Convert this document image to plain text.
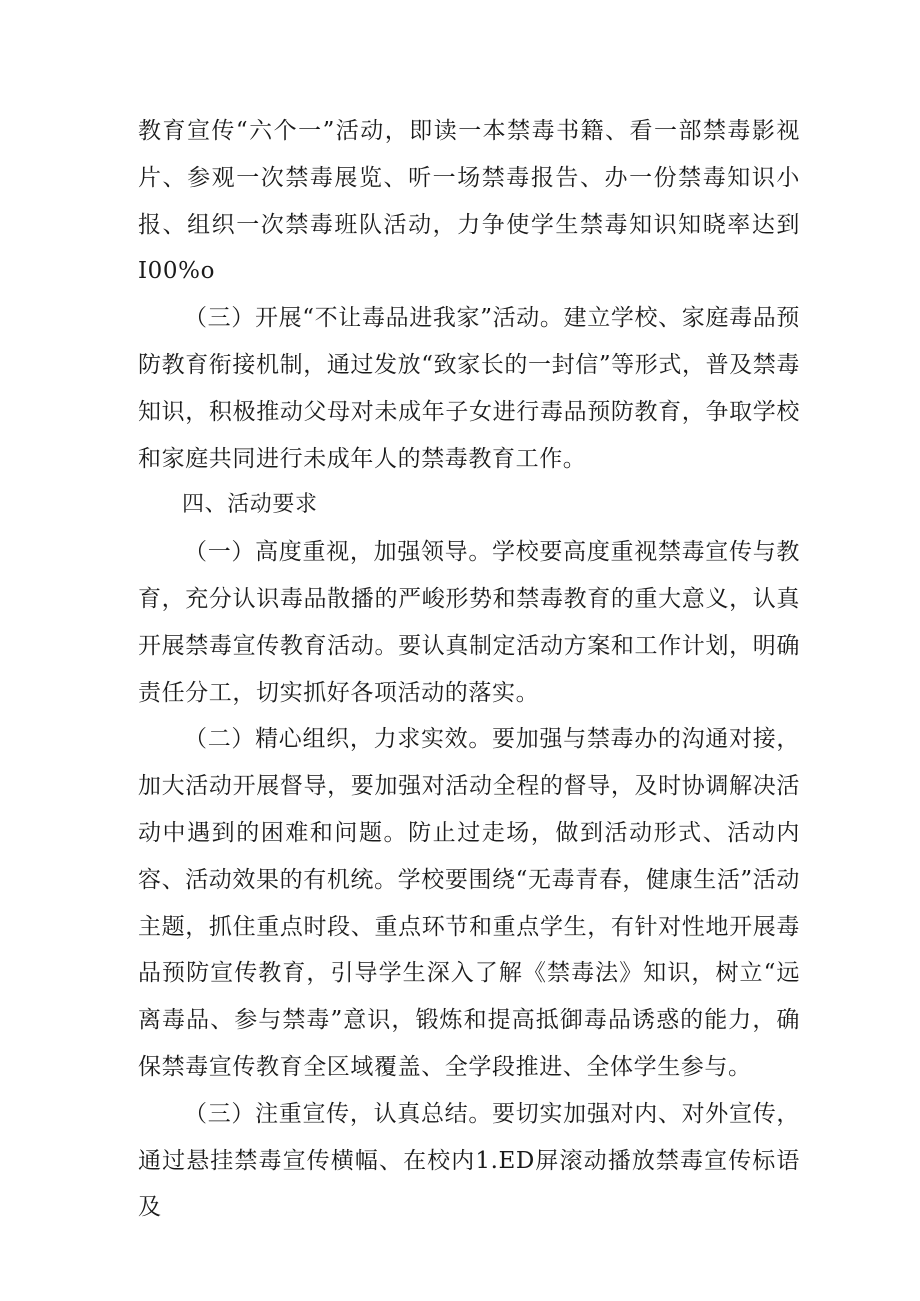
教育宣传“六个一”活动，即读一本禁毒书籍、看一部禁毒影视片、参观一次禁毒展览、听一场禁毒报告、办一份禁毒知识小报、组织一次禁毒班队活动，力争使学生禁毒知识知晓率达到I00%o

（三）开展“不让毒品进我家”活动。建立学校、家庭毒品预防教育衔接机制，通过发放“致家长的一封信”等形式，普及禁毒知识，积极推动父母对未成年子女进行毒品预防教育，争取学校和家庭共同进行未成年人的禁毒教育工作。

四、活动要求

（一）高度重视，加强领导。学校要高度重视禁毒宣传与教育，充分认识毒品散播的严峻形势和禁毒教育的重大意义，认真开展禁毒宣传教育活动。要认真制定活动方案和工作计划，明确责任分工，切实抓好各项活动的落实。

（二）精心组织，力求实效。要加强与禁毒办的沟通对接，加大活动开展督导，要加强对活动全程的督导，及时协调解决活动中遇到的困难和问题。防止过走场，做到活动形式、活动内容、活动效果的有机统。学校要围绕“无毒青春，健康生活”活动主题，抓住重点时段、重点环节和重点学生，有针对性地开展毒品预防宣传教育，引导学生深入了解《禁毒法》知识，树立“远离毒品、参与禁毒”意识，锻炼和提高抵御毒品诱惑的能力，确保禁毒宣传教育全区域覆盖、全学段推进、全体学生参与。

（三）注重宣传，认真总结。要切实加强对内、对外宣传，通过悬挂禁毒宣传横幅、在校内1.ED屏滚动播放禁毒宣传标语及
